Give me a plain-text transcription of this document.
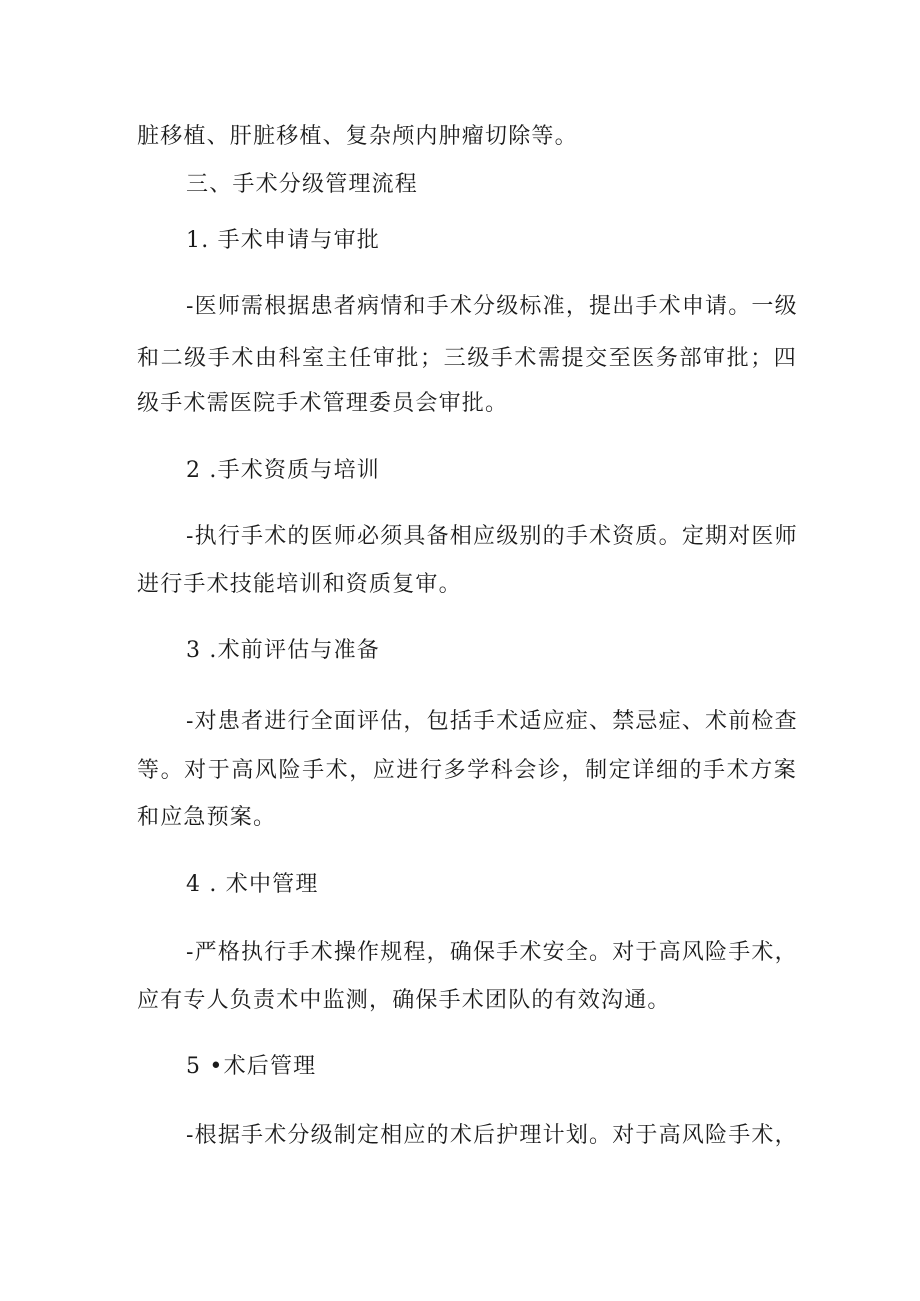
脏移植、肝脏移植、复杂颅内肿瘤切除等。
三、手术分级管理流程
1. 手术申请与审批
-医师需根据患者病情和手术分级标准，提出手术申请。一级
和二级手术由科室主任审批；三级手术需提交至医务部审批；四
级手术需医院手术管理委员会审批。
2 .手术资质与培训
-执行手术的医师必须具备相应级别的手术资质。定期对医师
进行手术技能培训和资质复审。
3 .术前评估与准备
-对患者进行全面评估，包括手术适应症、禁忌症、术前检查
等。对于高风险手术，应进行多学科会诊，制定详细的手术方案
和应急预案。
4 . 术中管理
-严格执行手术操作规程，确保手术安全。对于高风险手术，
应有专人负责术中监测，确保手术团队的有效沟通。
5 •术后管理
-根据手术分级制定相应的术后护理计划。对于高风险手术，
